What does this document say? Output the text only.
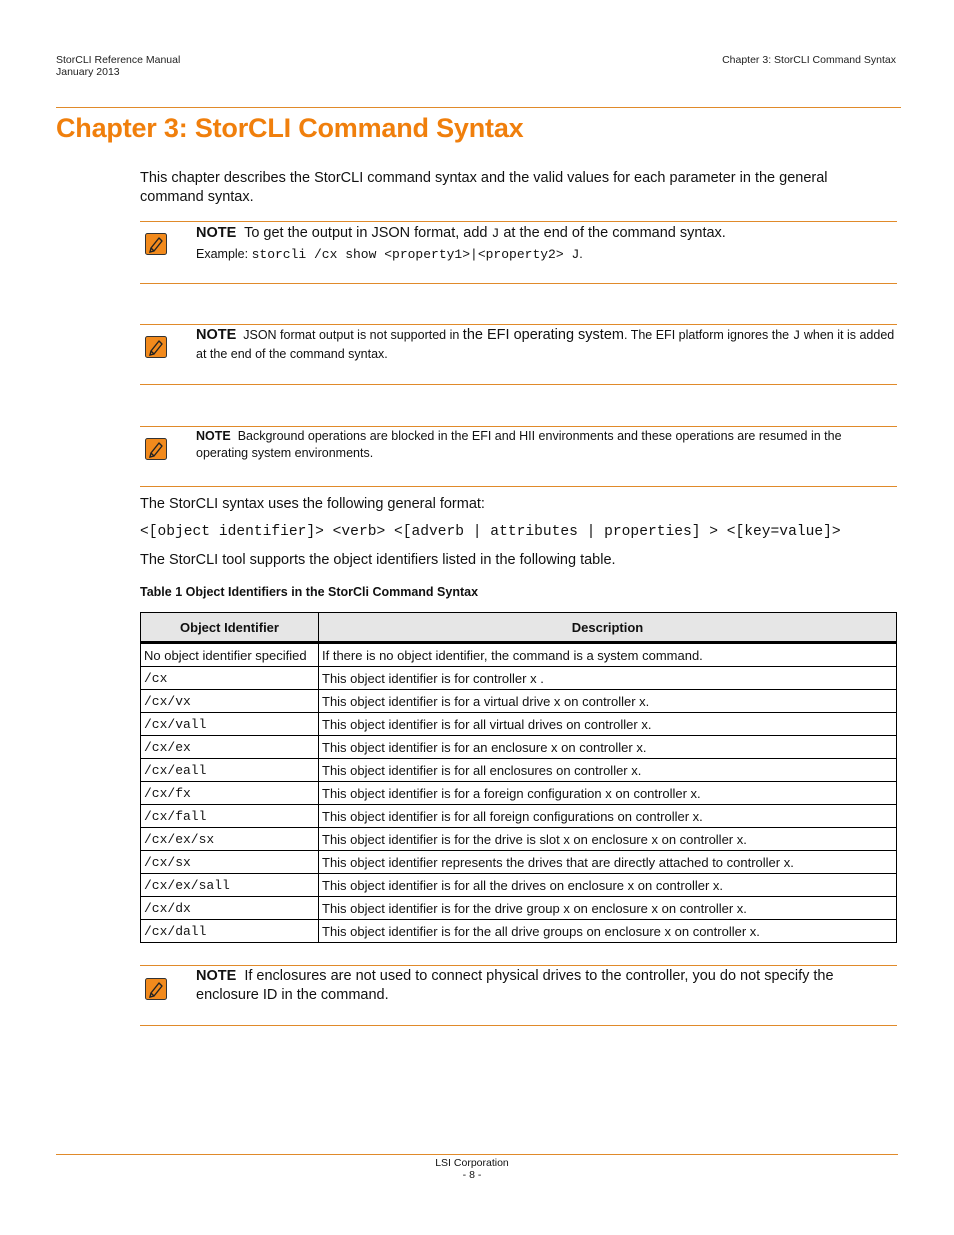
StorCLI Reference Manual
January 2013
Chapter 3: StorCLI Command Syntax
Chapter 3: StorCLI Command Syntax
This chapter describes the StorCLI command syntax and the valid values for each parameter in the general command syntax.
NOTE To get the output in JSON format, add J at the end of the command syntax.
Example: storcli /cx show <property1>|<property2> J.
NOTE JSON format output is not supported in the EFI operating system. The EFI platform ignores the J when it is added at the end of the command syntax.
NOTE Background operations are blocked in the EFI and HII environments and these operations are resumed in the operating system environments.
The StorCLI syntax uses the following general format:
<[object identifier]> <verb> <[adverb | attributes | properties] > <[key=value]>
The StorCLI tool supports the object identifiers listed in the following table.
Table 1 Object Identifiers in the StorCli Command Syntax
Object Identifier	Description
No object identifier specified	If there is no object identifier, the command is a system command.
/cx	This object identifier is for controller x .
/cx/vx	This object identifier is for a virtual drive x on controller x.
/cx/vall	This object identifier is for all virtual drives on controller x.
/cx/ex	This object identifier is for an enclosure x on controller x.
/cx/eall	This object identifier is for all enclosures on controller x.
/cx/fx	This object identifier is for a foreign configuration x on controller x.
/cx/fall	This object identifier is for all foreign configurations on controller x.
/cx/ex/sx	This object identifier is for the drive is slot x on enclosure x on controller x.
/cx/sx	This object identifier represents the drives that are directly attached to controller x.
/cx/ex/sall	This object identifier is for all the drives on enclosure x on controller x.
/cx/dx	This object identifier is for the drive group x on enclosure x on controller x.
/cx/dall	This object identifier is for the all drive groups on enclosure x on controller x.
NOTE If enclosures are not used to connect physical drives to the controller, you do not specify the enclosure ID in the command.
LSI Corporation
- 8 -
